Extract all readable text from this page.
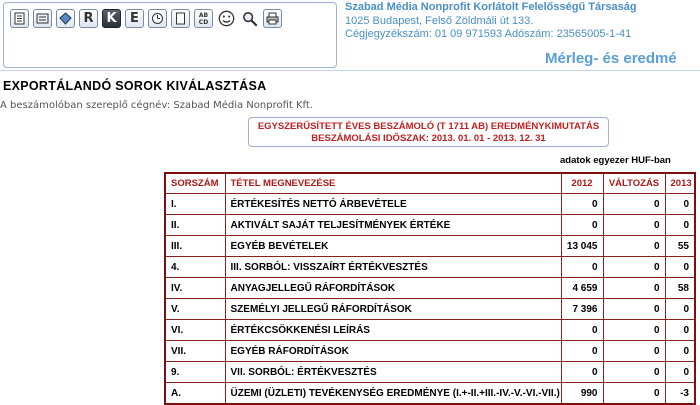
R K	E	AB CD
Szabad Média Nonprofit Korlátolt Felelősségű Társaság
1025 Budapest, Felső Zöldmáli út 133.
Cégjegyzékszám: 01 09 971593 Adószám: 23565005-1-41
Mérleg- és eredmé
EXPORTÁLANDÓ SOROK KIVÁLASZTÁSA
A beszámolóban szereplő cégnév: Szabad Média Nonprofit Kft.
EGYSZERŰSÍTETT ÉVES BESZÁMOLÓ (T 1711 AB) EREDMÉNYKIMUTATÁS
BESZÁMOLÁSI IDŐSZAK: 2013. 01. 01 - 2013. 12. 31
adatok egyezer HUF-ban
SORSZÁM	TÉTEL MEGNEVEZÉSE	2012	VÁLTOZÁS	2013
I.	ÉRTÉKESÍTÉS NETTÓ ÁRBEVÉTELE	0	0	0
II.	AKTIVÁLT SAJÁT TELJESÍTMÉNYEK ÉRTÉKE	0	0	0
III.	EGYÉB BEVÉTELEK	13 045	0	55
4.	III. SORBÓL: VISSZAÍRT ÉRTÉKVESZTÉS	0	0	0
IV.	ANYAGJELLEGŰ RÁFORDÍTÁSOK	4 659	0	58
V.	SZEMÉLYI JELLEGŰ RÁFORDÍTÁSOK	7 396	0	0
VI.	ÉRTÉKCSÖKKENÉSI LEÍRÁS	0	0	0
VII.	EGYÉB RÁFORDÍTÁSOK	0	0	0
9.	VII. SORBÓL: ÉRTÉKVESZTÉS	0	0	0
A.	ÜZEMI (ÜZLETI) TEVÉKENYSÉG EREDMÉNYE (I.+-II.+III.-IV.-V.-VI.-VII.)	990	0	-3
